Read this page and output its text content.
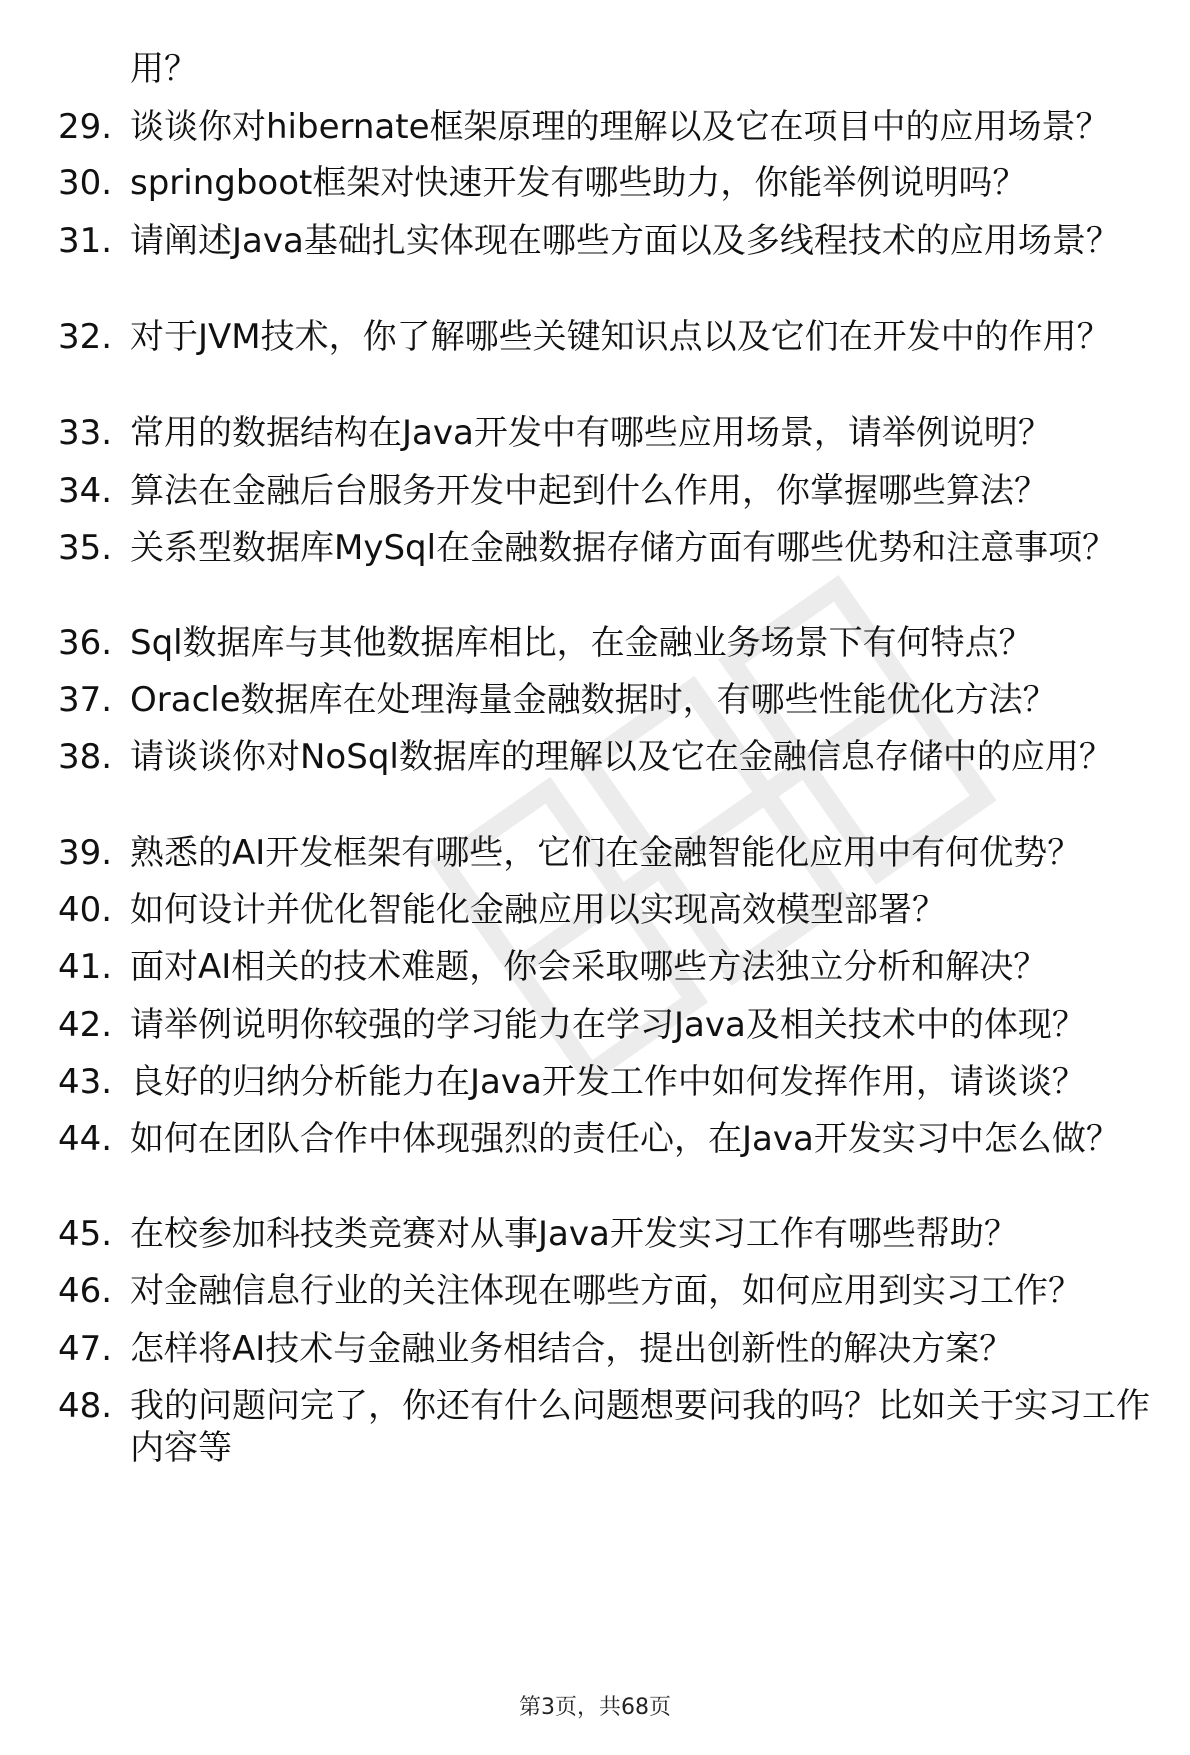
用？
29. 谈谈你对hibernate框架原理的理解以及它在项目中的应用场景？
30. springboot框架对快速开发有哪些助力，你能举例说明吗？
31. 请阐述Java基础扎实体现在哪些方面以及多线程技术的应用场景？
32. 对于JVM技术，你了解哪些关键知识点以及它们在开发中的作用？
33. 常用的数据结构在Java开发中有哪些应用场景，请举例说明？
34. 算法在金融后台服务开发中起到什么作用，你掌握哪些算法？
35. 关系型数据库MySql在金融数据存储方面有哪些优势和注意事项？
36. Sql数据库与其他数据库相比，在金融业务场景下有何特点？
37. Oracle数据库在处理海量金融数据时，有哪些性能优化方法？
38. 请谈谈你对NoSql数据库的理解以及它在金融信息存储中的应用？
39. 熟悉的AI开发框架有哪些，它们在金融智能化应用中有何优势？
40. 如何设计并优化智能化金融应用以实现高效模型部署？
41. 面对AI相关的技术难题，你会采取哪些方法独立分析和解决？
42. 请举例说明你较强的学习能力在学习Java及相关技术中的体现？
43. 良好的归纳分析能力在Java开发工作中如何发挥作用，请谈谈？
44. 如何在团队合作中体现强烈的责任心，在Java开发实习中怎么做？
45. 在校参加科技类竞赛对从事Java开发实习工作有哪些帮助？
46. 对金融信息行业的关注体现在哪些方面，如何应用到实习工作？
47. 怎样将AI技术与金融业务相结合，提出创新性的解决方案？
48. 我的问题问完了，你还有什么问题想要问我的吗？比如关于实习工作内容等
第3页，共68页
